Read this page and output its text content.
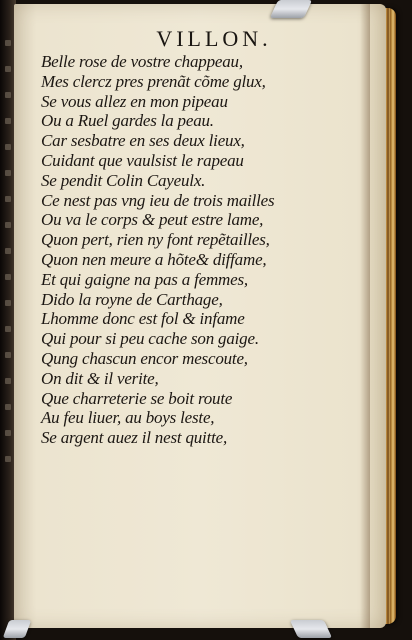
VILLON.
Belle rose de vostre chappeau,
Mes clercz pres prenãt cõme glux,
Se vous allez en mon pipeau
Ou a Ruel gardes la peau.
Car sesbatre en ses deux lieux,
Cuidant que vaulsist le rapeau
Se pendit Colin Cayeulx.
Ce nest pas vng ieu de trois mailles
Ou va le corps & peut estre lame,
Quon pert, rien ny font repẽtailles,
Quon nen meure a hõte& diffame,
Et qui gaigne na pas a femmes,
Dido la royne de Carthage,
Lhomme donc est fol & infame
Qui pour si peu cache son gaige.
Qung chascun encor mescoute,
On dit & il verite,
Que charreterie se boit route
Au feu liuer, au boys leste,
Se argent auez il nest quitte,
